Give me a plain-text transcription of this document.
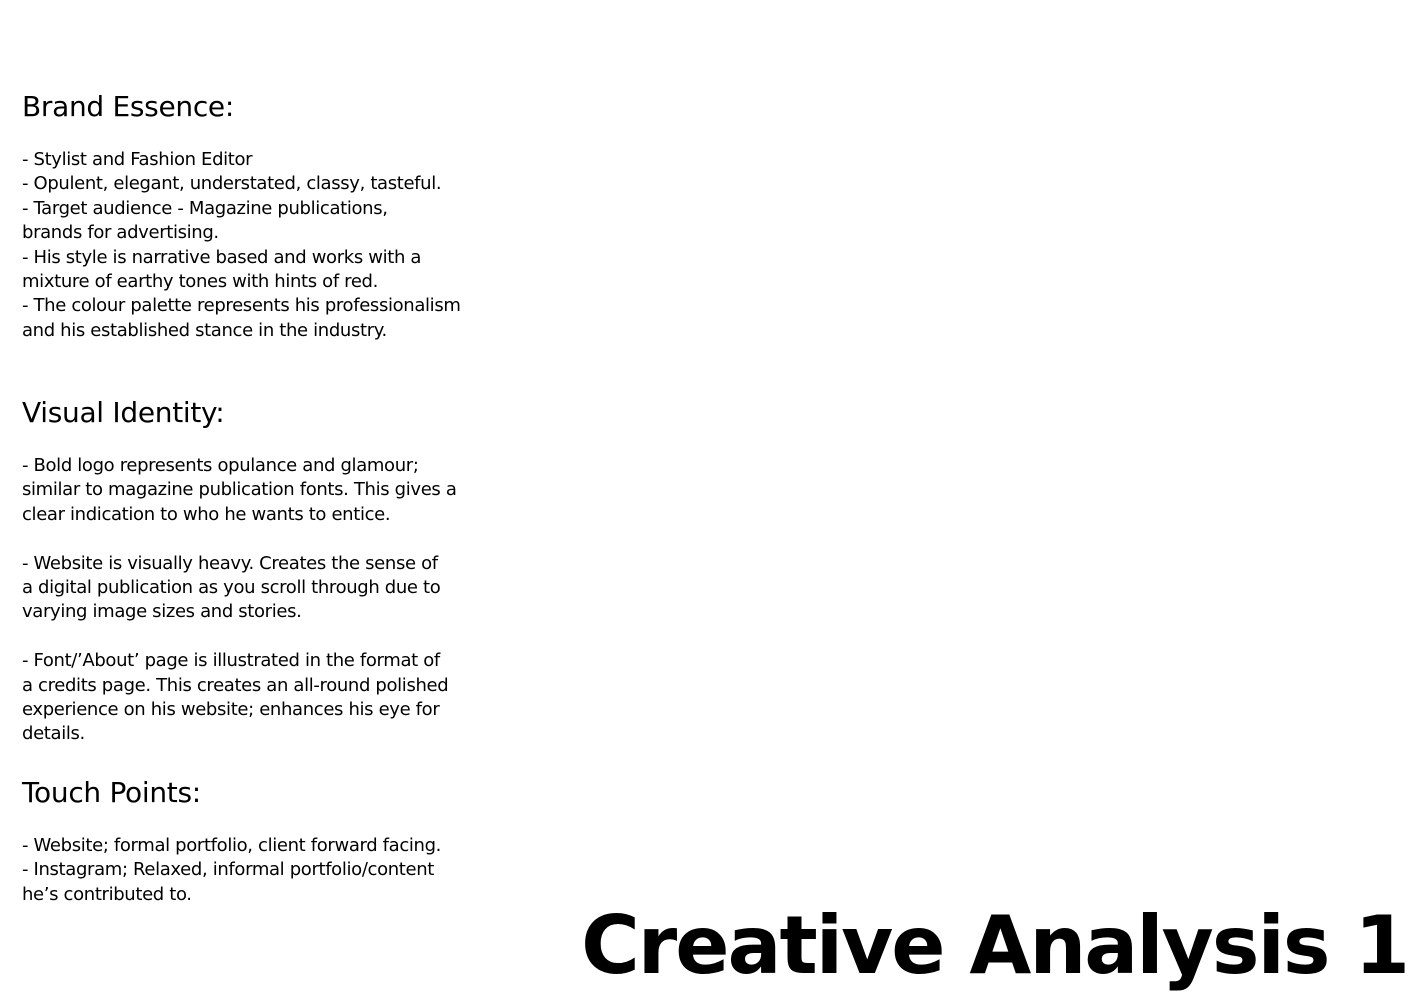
Brand Essence:

- Stylist and Fashion Editor

- Opulent, elegant, understated, classy, tasteful.

- Target audience - Magazine publications,
brands for advertising.

- His style is narrative based and works with a
mixture of earthy tones with hints of red.

- The colour palette represents his professionalism
and his established stance in the industry.

Visual Identity:

- Bold logo represents opulance and glamour;
similar to magazine publication fonts. This gives a
clear indication to who he wants to entice.

- Website is visually heavy. Creates the sense of
a digital publication as you scroll through due to
varying image sizes and stories.

- Font/’About’ page is illustrated in the format of
a credits page. This creates an all-round polished
experience on his website; enhances his eye for
details.

Touch Points:

- Website; formal portfolio, client forward facing.

- Instagram; Relaxed, informal portfolio/content
he’s contributed to.

Creative Analysis 1
